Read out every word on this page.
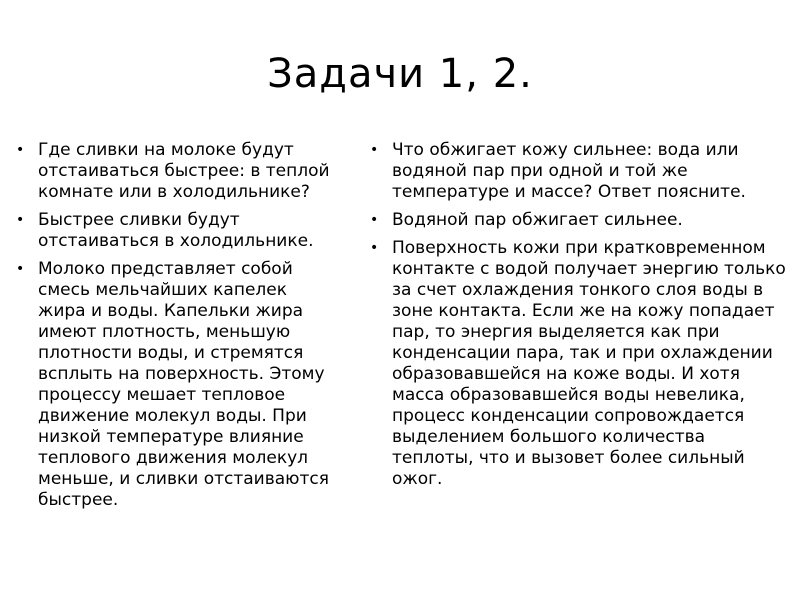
Задачи 1, 2.
• Где сливки на молоке будут отстаиваться быстрее: в теплой комнате или в холодильнике?
• Быстрее сливки будут отстаиваться в холодильнике.
• Молоко представляет собой смесь мельчайших капелек жира и воды. Капельки жира имеют плотность, меньшую плотности воды, и стремятся всплыть на поверхность. Этому процессу мешает тепловое движение молекул воды. При низкой температуре влияние теплового движения молекул меньше, и сливки отстаиваются быстрее.
• Что обжигает кожу сильнее: вода или водяной пар при одной и той же температуре и массе? Ответ поясните.
• Водяной пар обжигает сильнее.
• Поверхность кожи при кратковременном контакте с водой получает энергию только за счет охлаждения тонкого слоя воды в зоне контакта. Если же на кожу попадает пар, то энергия выделяется как при конденсации пара, так и при охлаждении образовавшейся на коже воды. И хотя масса образовавшейся воды невелика, процесс конденсации сопровождается выделением большого количества теплоты, что и вызовет более сильный ожог.
